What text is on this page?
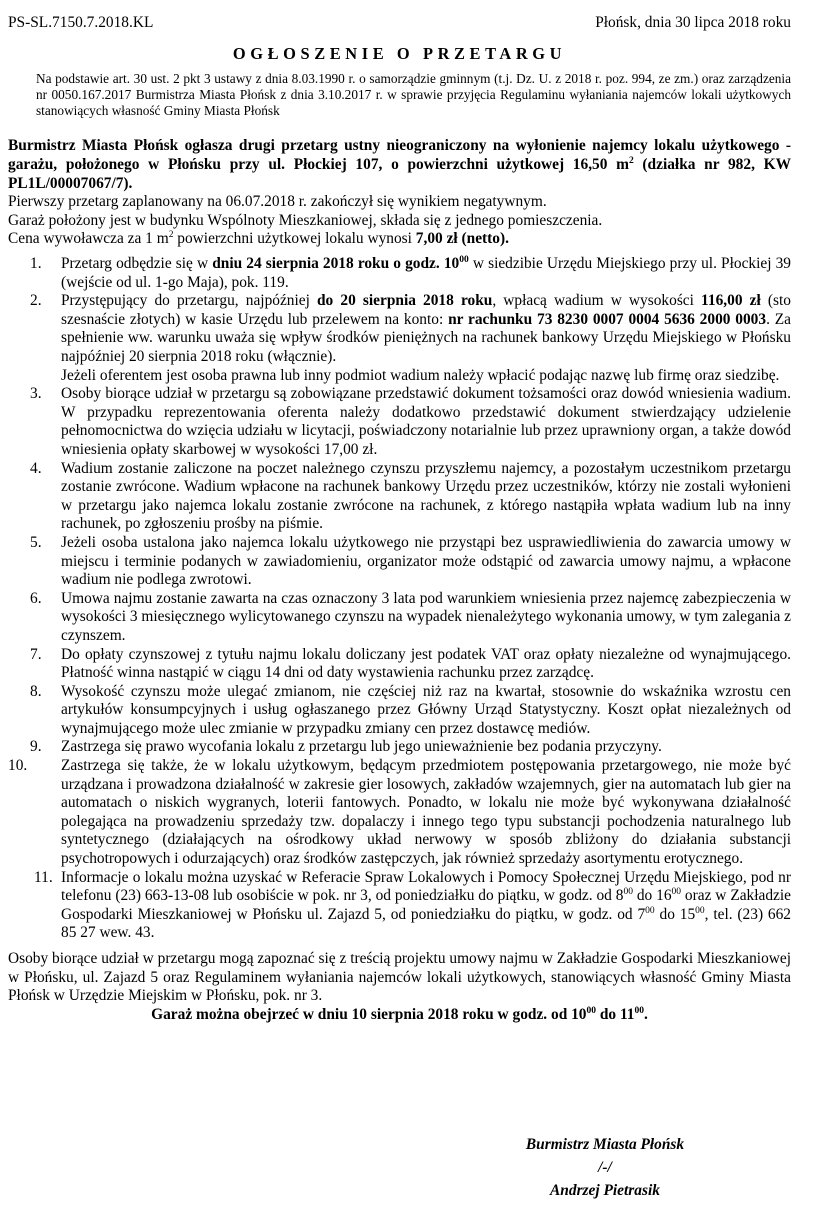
PS-SL.7150.7.2018.KL	Płońsk, dnia 30 lipca 2018 roku
OGŁOSZENIE O PRZETARGU
Na podstawie art. 30 ust. 2 pkt 3 ustawy z dnia 8.03.1990 r. o samorządzie gminnym (t.j. Dz. U. z 2018 r. poz. 994, ze zm.) oraz zarządzenia nr 0050.167.2017 Burmistrza Miasta Płońsk z dnia 3.10.2017 r. w sprawie przyjęcia Regulaminu wyłaniania najemców lokali użytkowych stanowiących własność Gminy Miasta Płońsk
Burmistrz Miasta Płońsk ogłasza drugi przetarg ustny nieograniczony na wyłonienie najemcy lokalu użytkowego - garażu, położonego w Płońsku przy ul. Płockiej 107, o powierzchni użytkowej 16,50 $m^2$ (działka nr 982, KW PL1L/00007067/7).

Pierwszy przetarg zaplanowany na 06.07.2018 r. zakończył się wynikiem negatywnym.

Garaż położony jest w budynku Wspólnoty Mieszkaniowej, składa się z jednego pomieszczenia.

Cena wywoławcza za 1 $m^2$ powierzchni użytkowej lokalu wynosi 7,00 zł (netto).

1. Przetarg odbędzie się w dniu 24 sierpnia 2018 roku o godz. $10^{00}$ w siedzibie Urzędu Miejskiego przy ul. Płockiej 39 (wejście od ul. 1-go Maja), pok. 119.
2. Przystępujący do przetargu, najpóźniej do 20 sierpnia 2018 roku, wpłacą wadium w wysokości 116,00 zł (sto szesnaście złotych) w kasie Urzędu lub przelewem na konto: nr rachunku 73 8230 0007 0004 5636 2000 0003. Za spełnienie ww. warunku uważa się wpływ środków pieniężnych na rachunek bankowy Urzędu Miejskiego w Płońsku najpóźniej 20 sierpnia 2018 roku (włącznie).
Jeżeli oferentem jest osoba prawna lub inny podmiot wadium należy wpłacić podając nazwę lub firmę oraz siedzibę.
3. Osoby biorące udział w przetargu są zobowiązane przedstawić dokument tożsamości oraz dowód wniesienia wadium. W przypadku reprezentowania oferenta należy dodatkowo przedstawić dokument stwierdzający udzielenie pełnomocnictwa do wzięcia udziału w licytacji, poświadczony notarialnie lub przez uprawniony organ, a także dowód wniesienia opłaty skarbowej w wysokości 17,00 zł.
4. Wadium zostanie zaliczone na poczet należnego czynszu przyszłemu najemcy, a pozostałym uczestnikom przetargu zostanie zwrócone. Wadium wpłacone na rachunek bankowy Urzędu przez uczestników, którzy nie zostali wyłonieni w przetargu jako najemca lokalu zostanie zwrócone na rachunek, z którego nastąpiła wpłata wadium lub na inny rachunek, po zgłoszeniu prośby na piśmie.
5. Jeżeli osoba ustalona jako najemca lokalu użytkowego nie przystąpi bez usprawiedliwienia do zawarcia umowy w miejscu i terminie podanych w zawiadomieniu, organizator może odstąpić od zawarcia umowy najmu, a wpłacone wadium nie podlega zwrotowi.
6. Umowa najmu zostanie zawarta na czas oznaczony 3 lata pod warunkiem wniesienia przez najemcę zabezpieczenia w wysokości 3 miesięcznego wylicytowanego czynszu na wypadek nienależytego wykonania umowy, w tym zalegania z czynszem.
7. Do opłaty czynszowej z tytułu najmu lokalu doliczany jest podatek VAT oraz opłaty niezależne od wynajmującego. Płatność winna nastąpić w ciągu 14 dni od daty wystawienia rachunku przez zarządcę.
8. Wysokość czynszu może ulegać zmianom, nie częściej niż raz na kwartał, stosownie do wskaźnika wzrostu cen artykułów konsumpcyjnych i usług ogłaszanego przez Główny Urząd Statystyczny. Koszt opłat niezależnych od wynajmującego może ulec zmianie w przypadku zmiany cen przez dostawcę mediów.
9. Zastrzega się prawo wycofania lokalu z przetargu lub jego unieważnienie bez podania przyczyny.
10. Zastrzega się także, że w lokalu użytkowym, będącym przedmiotem postępowania przetargowego, nie może być urządzana i prowadzona działalność w zakresie gier losowych, zakładów wzajemnych, gier na automatach lub gier na automatach o niskich wygranych, loterii fantowych. Ponadto, w lokalu nie może być wykonywana działalność polegająca na prowadzeniu sprzedaży tzw. dopalaczy i innego tego typu substancji pochodzenia naturalnego lub syntetycznego (działających na ośrodkowy układ nerwowy w sposób zbliżony do działania substancji psychotropowych i odurzających) oraz środków zastępczych, jak również sprzedaży asortymentu erotycznego.
11. Informacje o lokalu można uzyskać w Referacie Spraw Lokalowych i Pomocy Społecznej Urzędu Miejskiego, pod nr telefonu (23) 663-13-08 lub osobiście w pok. nr 3, od poniedziałku do piątku, w godz. od $8^{00}$ do $16^{00}$ oraz w Zakładzie Gospodarki Mieszkaniowej w Płońsku ul. Zajazd 5, od poniedziałku do piątku, w godz. od $7^{00}$ do $15^{00}$, tel. (23) 662 85 27 wew. 43.
Osoby biorące udział w przetargu mogą zapoznać się z treścią projektu umowy najmu w Zakładzie Gospodarki Mieszkaniowej w Płońsku, ul. Zajazd 5 oraz Regulaminem wyłaniania najemców lokali użytkowych, stanowiących własność Gminy Miasta Płońsk w Urzędzie Miejskim w Płońsku, pok. nr 3.
Garaż można obejrzeć w dniu 10 sierpnia 2018 roku w godz. od $10^{00}$ do $11^{00}$.
Burmistrz Miasta Płońsk
/-/
Andrzej Pietrasik
